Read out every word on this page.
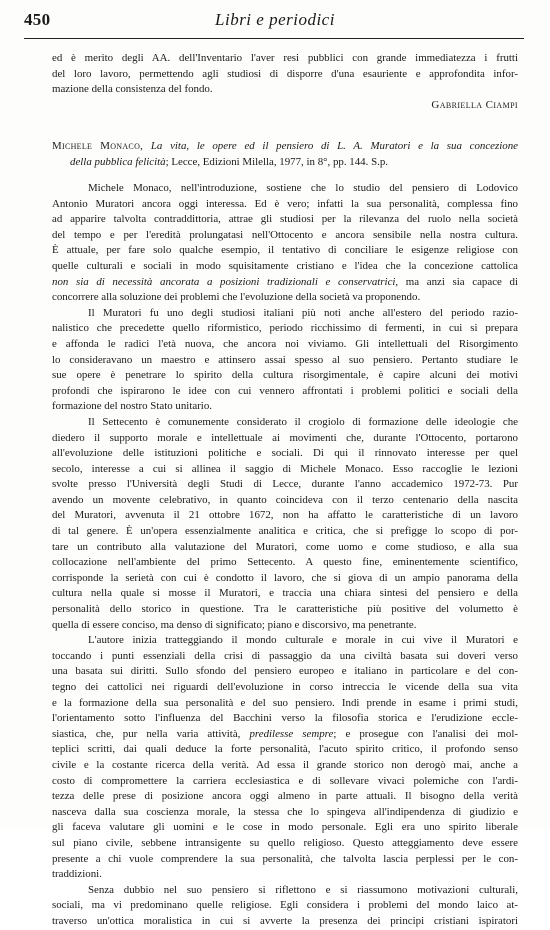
Libri e periodici
450
ed è merito degli AA. dell'Inventario l'aver resi pubblici con grande immediatezza i frutti
del loro lavoro, permettendo agli studiosi di disporre d'una esauriente e approfondita infor-
mazione della consistenza del fondo.
Gabriella Ciampi
Michele Monaco, La vita, le opere ed il pensiero di L. A. Muratori e la sua concezione
della pubblica felicità; Lecce, Edizioni Milella, 1977, in 8°, pp. 144. S.p.
Michele Monaco, nell'introduzione, sostiene che lo studio del pensiero di Lodovico
Antonio Muratori ancora oggi interessa. Ed è vero; infatti la sua personalità, complessa fino
ad apparire talvolta contraddittoria, attrae gli studiosi per la rilevanza del ruolo nella società
del tempo e per l'eredità prolungatasi nell'Ottocento e ancora sensibile nella nostra cultura.
È attuale, per fare solo qualche esempio, il tentativo di conciliare le esigenze religiose con
quelle culturali e sociali in modo squisitamente cristiano e l'idea che la concezione cattolica
non sia di necessità ancorata a posizioni tradizionali e conservatrici, ma anzi sia capace di
concorrere alla soluzione dei problemi che l'evoluzione della società va proponendo.
Il Muratori fu uno degli studiosi italiani più noti anche all'estero del periodo razio-
nalistico che precedette quello riformistico, periodo ricchissimo di fermenti, in cui si prepara
e affonda le radici l'età nuova, che ancora noi viviamo. Gli intellettuali del Risorgimento
lo consideravano un maestro e attinsero assai spesso al suo pensiero. Pertanto studiare le
sue opere è penetrare lo spirito della cultura risorgimentale, è capire alcuni dei motivi
profondi che ispirarono le idee con cui vennero affrontati i problemi politici e sociali della
formazione del nostro Stato unitario.
Il Settecento è comunemente considerato il crogiolo di formazione delle ideologie che
diedero il supporto morale e intellettuale ai movimenti che, durante l'Ottocento, portarono
all'evoluzione delle istituzioni politiche e sociali. Di qui il rinnovato interesse per quel
secolo, interesse a cui si allinea il saggio di Michele Monaco. Esso raccoglie le lezioni
svolte presso l'Università degli Studi di Lecce, durante l'anno accademico 1972-73. Pur
avendo un movente celebrativo, in quanto coincideva con il terzo centenario della nascita
del Muratori, avvenuta il 21 ottobre 1672, non ha affatto le caratteristiche di un lavoro
di tal genere. È un'opera essenzialmente analitica e critica, che si prefigge lo scopo di por-
tare un contributo alla valutazione del Muratori, come uomo e come studioso, e alla sua
collocazione nell'ambiente del primo Settecento. A questo fine, eminentemente scientifico,
corrisponde la serietà con cui è condotto il lavoro, che si giova di un ampio panorama della
cultura nella quale si mosse il Muratori, e traccia una chiara sintesi del pensiero e della
personalità dello storico in questione. Tra le caratteristiche più positive del volumetto è
quella di essere conciso, ma denso di significato; piano e discorsivo, ma penetrante.
L'autore inizia tratteggiando il mondo culturale e morale in cui vive il Muratori e
toccando i punti essenziali della crisi di passaggio da una civiltà basata sui doveri verso
una basata sui diritti. Sullo sfondo del pensiero europeo e italiano in particolare e del con-
tegno dei cattolici nei riguardi dell'evoluzione in corso intreccia le vicende della sua vita
e la formazione della sua personalità e del suo pensiero. Indi prende in esame i primi studi,
l'orientamento sotto l'influenza del Bacchini verso la filosofia storica e l'erudizione eccle-
siastica, che, pur nella varia attività, predilesse sempre; e prosegue con l'analisi dei mol-
teplici scritti, dai quali deduce la forte personalità, l'acuto spirito critico, il profondo senso
civile e la costante ricerca della verità. Ad essa il grande storico non derogò mai, anche a
costo di compromettere la carriera ecclesiastica e di sollevare vivaci polemiche con l'ardi-
tezza delle prese di posizione ancora oggi almeno in parte attuali. Il bisogno della verità
nasceva dalla sua coscienza morale, la stessa che lo spingeva all'indipendenza di giudizio e
gli faceva valutare gli uomini e le cose in modo personale. Egli era uno spirito liberale
sul piano civile, sebbene intransigente su quello religioso. Questo atteggiamento deve essere
presente a chi vuole comprendere la sua personalità, che talvolta lascia perplessi per le con-
traddizioni.
Senza dubbio nel suo pensiero si riflettono e si riassumono motivazioni culturali,
sociali, ma vi predominano quelle religiose. Egli considera i problemi del mondo laico at-
traverso un'ottica moralistica in cui si avverte la presenza dei principi cristiani ispiratori
